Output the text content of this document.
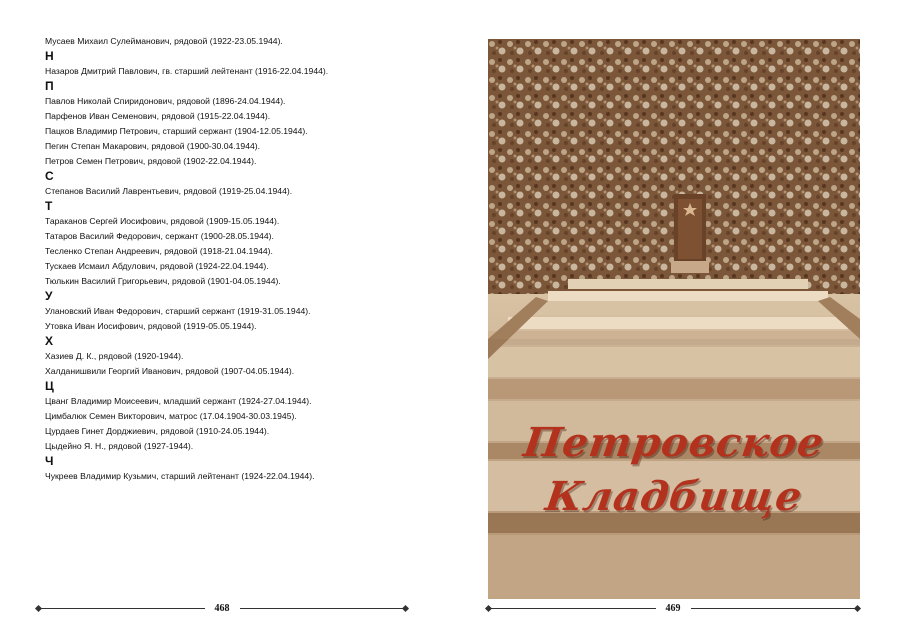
Мусаев Михаил Сулейманович, рядовой (1922-23.05.1944).
Н
Назаров Дмитрий Павлович, гв. старший лейтенант (1916-22.04.1944).
П
Павлов Николай Спиридонович, рядовой (1896-24.04.1944).
Парфенов Иван Семенович, рядовой (1915-22.04.1944).
Пацков Владимир Петрович, старший сержант (1904-12.05.1944).
Пегин Степан Макарович, рядовой (1900-30.04.1944).
Петров Семен Петрович, рядовой (1902-22.04.1944).
С
Степанов Василий Лаврентьевич, рядовой (1919-25.04.1944).
Т
Тараканов Сергей Иосифович, рядовой (1909-15.05.1944).
Татаров Василий Федорович, сержант (1900-28.05.1944).
Тесленко Степан Андреевич, рядовой (1918-21.04.1944).
Тускаев Исмаил Абдулович, рядовой (1924-22.04.1944).
Тюлькин Василий Григорьевич, рядовой (1901-04.05.1944).
У
Улановский Иван Федорович, старший сержант (1919-31.05.1944).
Утовка Иван Иосифович, рядовой (1919-05.05.1944).
Х
Хазиев Д. К., рядовой (1920-1944).
Халданишвили Георгий Иванович, рядовой (1907-04.05.1944).
Ц
Цванг Владимир Моисеевич, младший сержант (1924-27.04.1944).
Цимбалюк Семен Викторович, матрос (17.04.1904-30.03.1945).
Цурдаев Гинет Дорджиевич, рядовой (1910-24.05.1944).
Цыдейно Я. Н., рядовой (1927-1944).
Ч
Чукреев Владимир Кузьмич, старший лейтенант (1924-22.04.1944).
468
Петровское
Кладбище
469
